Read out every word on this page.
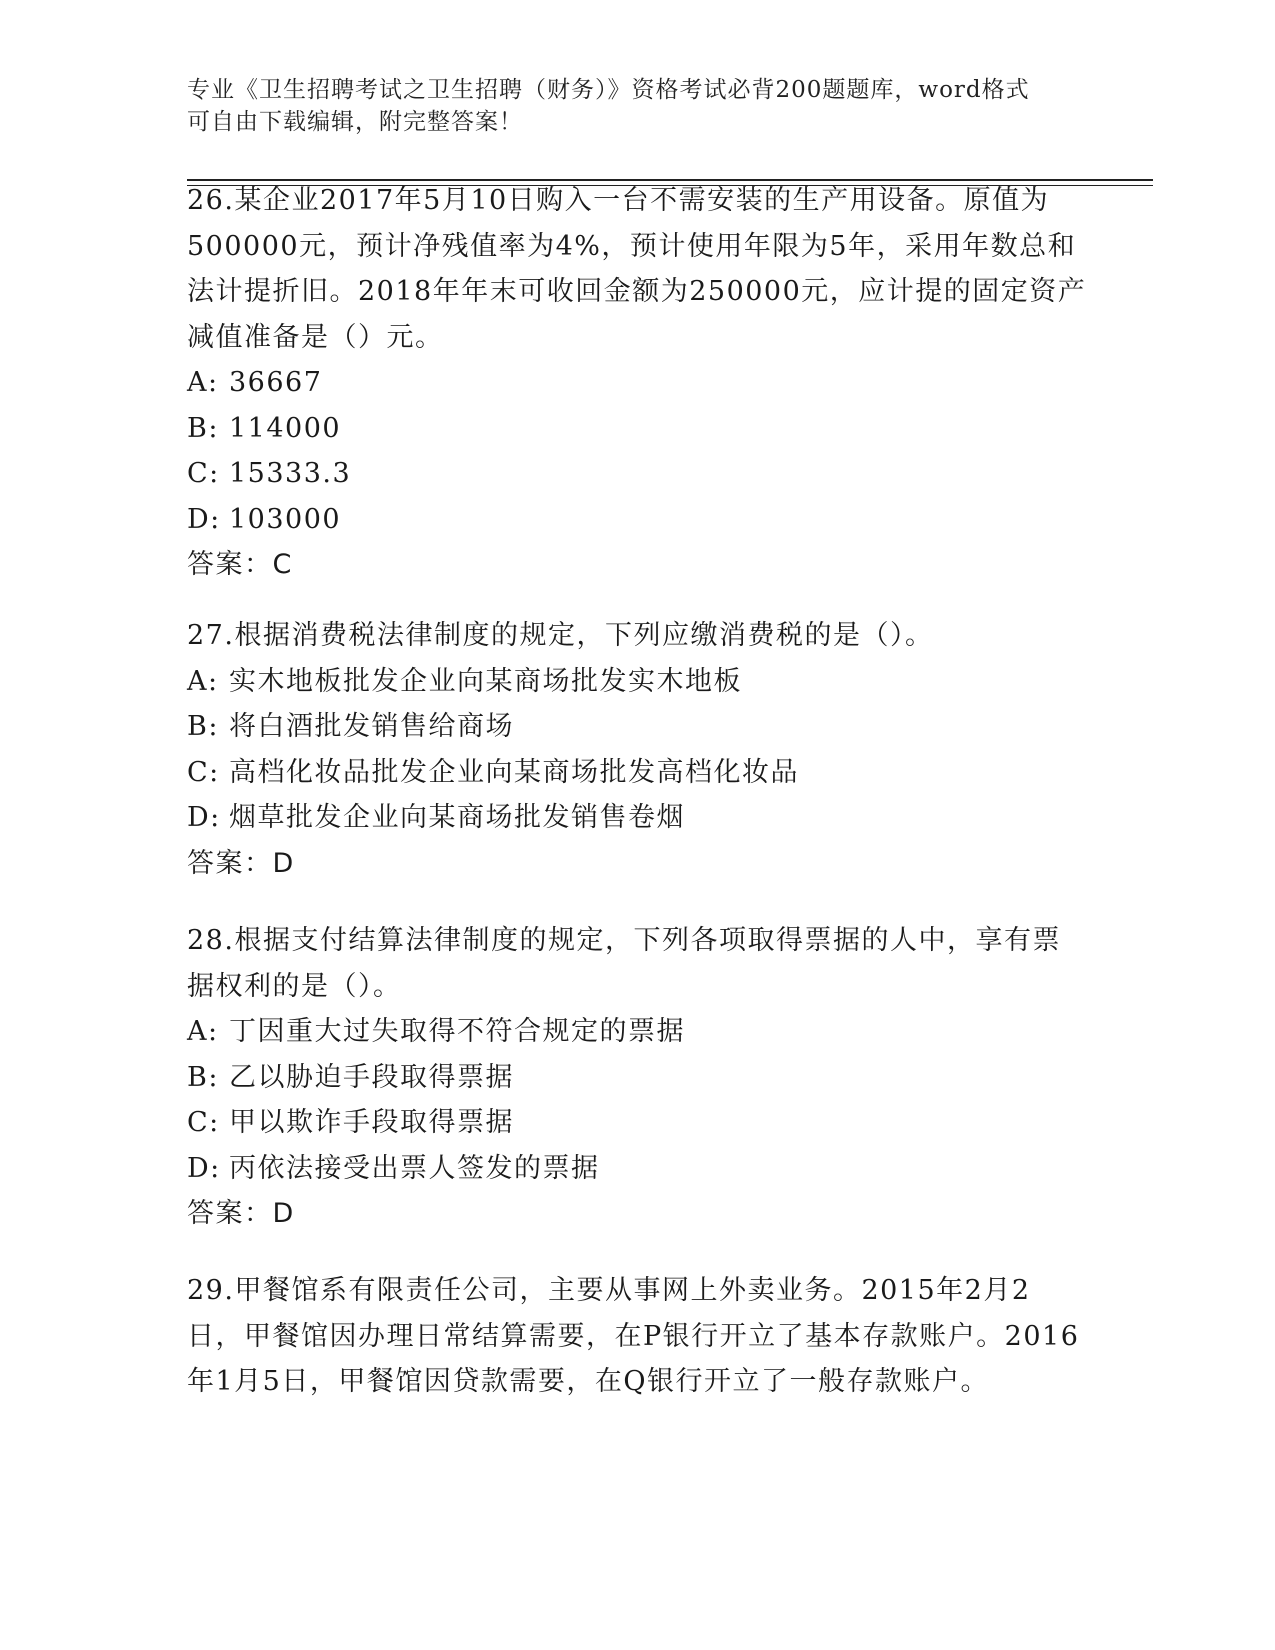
专业《卫生招聘考试之卫生招聘（财务）》资格考试必背200题题库，word格式
可自由下载编辑，附完整答案！

26.某企业2017年5月10日购入一台不需安装的生产用设备。原值为500000元，预计净残值率为4%，预计使用年限为5年，采用年数总和法计提折旧。2018年年末可收回金额为250000元，应计提的固定资产减值准备是（）元。

A: 36667

B: 114000

C: 15333.3

D: 103000

答案：C

27.根据消费税法律制度的规定，下列应缴消费税的是（）。

A: 实木地板批发企业向某商场批发实木地板

B: 将白酒批发销售给商场

C: 高档化妆品批发企业向某商场批发高档化妆品

D: 烟草批发企业向某商场批发销售卷烟

答案：D

28.根据支付结算法律制度的规定，下列各项取得票据的人中，享有票据权利的是（）。

A: 丁因重大过失取得不符合规定的票据

B: 乙以胁迫手段取得票据

C: 甲以欺诈手段取得票据

D: 丙依法接受出票人签发的票据

答案：D

29.甲餐馆系有限责任公司，主要从事网上外卖业务。2015年2月2日，甲餐馆因办理日常结算需要，在P银行开立了基本存款账户。2016年1月5日，甲餐馆因贷款需要，在Q银行开立了一般存款账户。
